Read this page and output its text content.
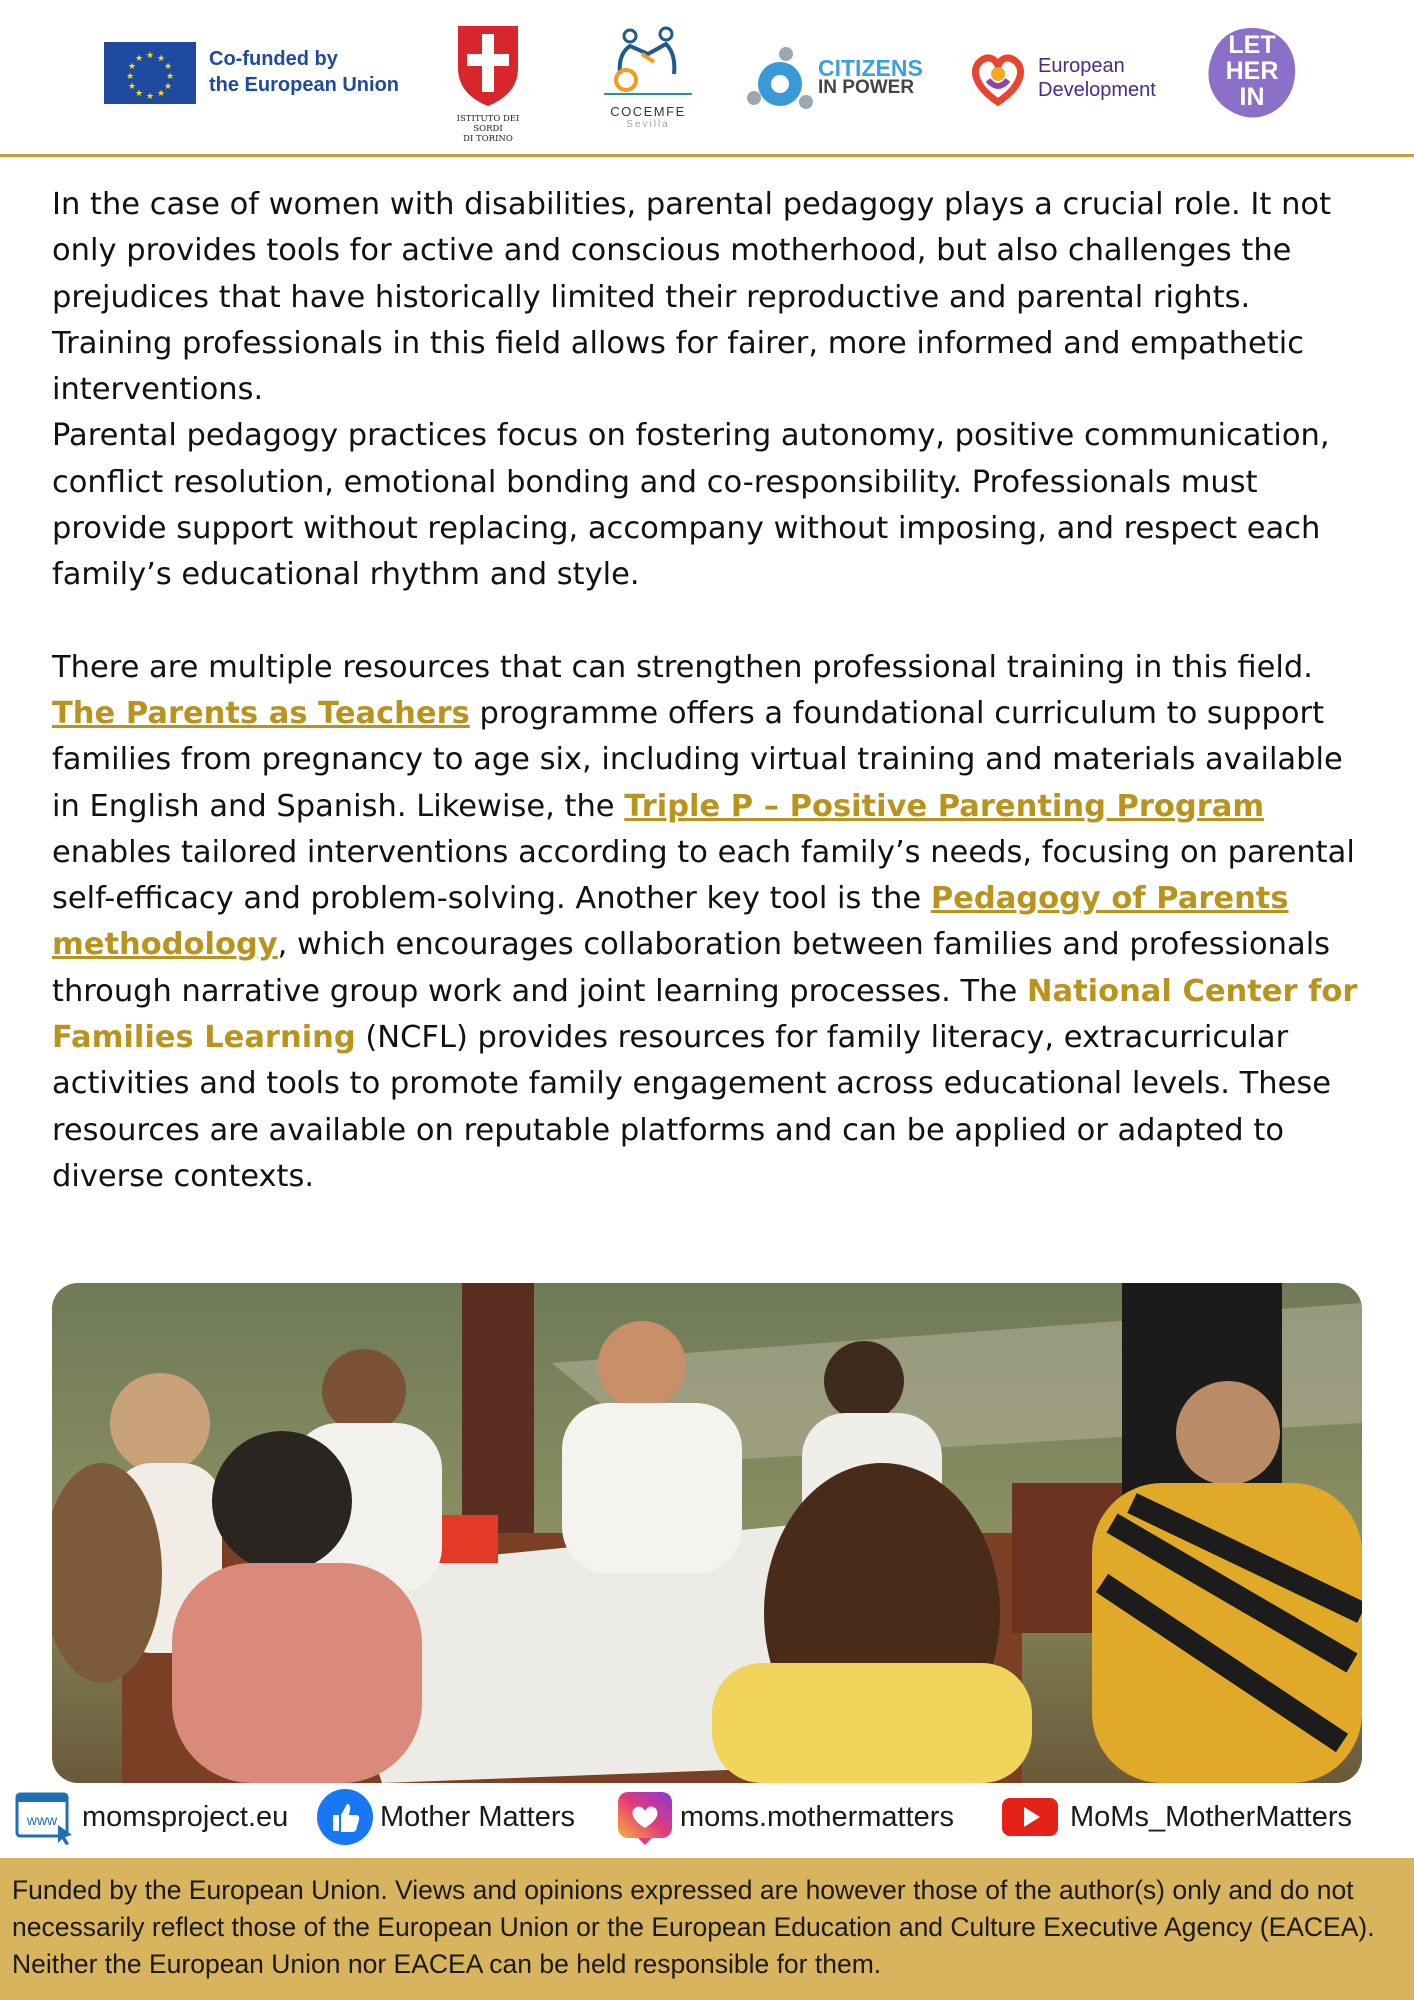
★ ★
★
★
★
★
★
★
★
★
★
★	Co-funded by
the European Union
ISTITUTO DEI SORDI
DI TORINO
COCEMFE
Sevilla
CITIZENS
IN POWER
European
Development
LET
HER
IN

In the case of women with disabilities, parental pedagogy plays a crucial role. It not only provides tools for active and conscious motherhood, but also challenges the prejudices that have historically limited their reproductive and parental rights. Training professionals in this field allows for fairer, more informed and empathetic interventions.

Parental pedagogy practices focus on fostering autonomy, positive communication, conflict resolution, emotional bonding and co-responsibility. Professionals must provide support without replacing, accompany without imposing, and respect each family’s educational rhythm and style.

There are multiple resources that can strengthen professional training in this field. The Parents as Teachers programme offers a foundational curriculum to support families from pregnancy to age six, including virtual training and materials available in English and Spanish. Likewise, the Triple P – Positive Parenting Program enables tailored interventions according to each family’s needs, focusing on parental self-efficacy and problem-solving. Another key tool is the Pedagogy of Parents methodology, which encourages collaboration between families and professionals through narrative group work and joint learning processes. The National Center for Families Learning (NCFL) provides resources for family literacy, extracurricular activities and tools to promote family engagement across educational levels. These resources are available on reputable platforms and can be applied or adapted to diverse contexts.

www momsproject.eu	Mother Matters	moms.mothermatters	MoMs_MotherMatters
Funded by the European Union. Views and opinions expressed are however those of the author(s) only and do not necessarily reflect those of the European Union or the European Education and Culture Executive Agency (EACEA). Neither the European Union nor EACEA can be held responsible for them.
